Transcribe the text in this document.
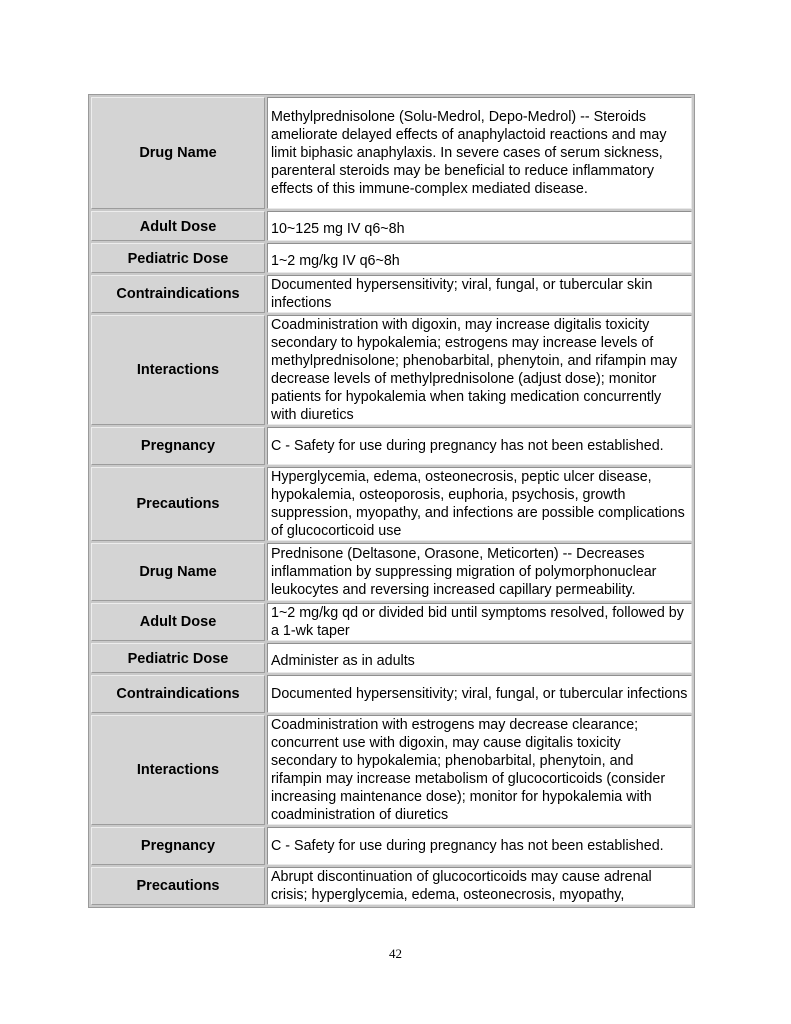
Drug Name	Methylprednisolone (Solu-Medrol, Depo-Medrol) -- Steroids ameliorate delayed effects of anaphylactoid reactions and may limit biphasic anaphylaxis. In severe cases of serum sickness, parenteral steroids may be beneficial to reduce inflammatory effects of this immune-complex mediated disease.
Adult Dose	10~125 mg IV q6~8h
Pediatric Dose	1~2 mg/kg IV q6~8h
Contraindications	Documented hypersensitivity; viral, fungal, or tubercular skin infections
Interactions	Coadministration with digoxin, may increase digitalis toxicity secondary to hypokalemia; estrogens may increase levels of methylprednisolone; phenobarbital, phenytoin, and rifampin may decrease levels of methylprednisolone (adjust dose); monitor patients for hypokalemia when taking medication concurrently with diuretics
Pregnancy	C - Safety for use during pregnancy has not been established.
Precautions	Hyperglycemia, edema, osteonecrosis, peptic ulcer disease, hypokalemia, osteoporosis, euphoria, psychosis, growth suppression, myopathy, and infections are possible complications of glucocorticoid use
Drug Name	Prednisone (Deltasone, Orasone, Meticorten) -- Decreases inflammation by suppressing migration of polymorphonuclear leukocytes and reversing increased capillary permeability.
Adult Dose	1~2 mg/kg qd or divided bid until symptoms resolved, followed by a 1-wk taper
Pediatric Dose	Administer as in adults
Contraindications	Documented hypersensitivity; viral, fungal, or tubercular infections
Interactions	Coadministration with estrogens may decrease clearance; concurrent use with digoxin, may cause digitalis toxicity secondary to hypokalemia; phenobarbital, phenytoin, and rifampin may increase metabolism of glucocorticoids (consider increasing maintenance dose); monitor for hypokalemia with coadministration of diuretics
Pregnancy	C - Safety for use during pregnancy has not been established.
Precautions	Abrupt discontinuation of glucocorticoids may cause adrenal crisis; hyperglycemia, edema, osteonecrosis, myopathy,
42
